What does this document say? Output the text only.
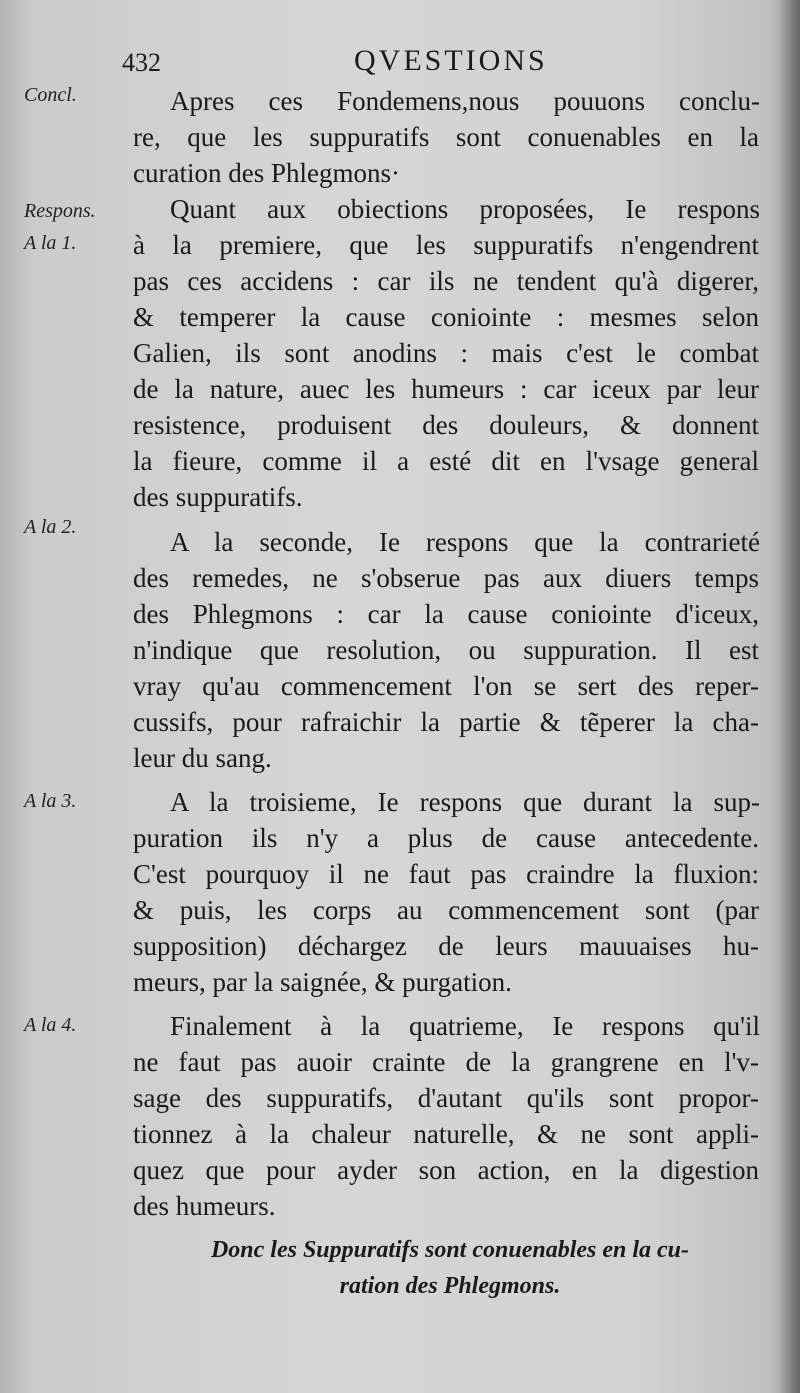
432	QVESTIONS
Concl.
Respons.
A la 1.
A la 2.
A la 3.
A la 4.
Apres ces Fondemens,nous pouuons conclu-
re, que les suppuratifs sont conuenables en la
curation des Phlegmons·
Quant aux obiections proposées, Ie respons
à la premiere, que les suppuratifs n'engendrent
pas ces accidens : car ils ne tendent qu'à digerer,
& temperer la cause coniointe : mesmes selon
Galien, ils sont anodins : mais c'est le combat
de la nature, auec les humeurs : car iceux par leur
resistence, produisent des douleurs, & donnent
la fieure, comme il a esté dit en l'vsage general
des suppuratifs.
A la seconde, Ie respons que la contrarieté
des remedes, ne s'obserue pas aux diuers temps
des Phlegmons : car la cause coniointe d'iceux,
n'indique que resolution, ou suppuration. Il est
vray qu'au commencement l'on se sert des reper-
cussifs, pour rafraichir la partie & tẽperer la cha-
leur du sang.
A la troisieme, Ie respons que durant la sup-
puration ils n'y a plus de cause antecedente.
C'est pourquoy il ne faut pas craindre la fluxion:
& puis, les corps au commencement sont (par
supposition) déchargez de leurs mauuaises hu-
meurs, par la saignée, & purgation.
Finalement à la quatrieme, Ie respons qu'il
ne faut pas auoir crainte de la grangrene en l'v-
sage des suppuratifs, d'autant qu'ils sont propor-
tionnez à la chaleur naturelle, & ne sont appli-
quez que pour ayder son action, en la digestion
des humeurs.
Donc les Suppuratifs sont conuenables en la cu-
ration des Phlegmons.
